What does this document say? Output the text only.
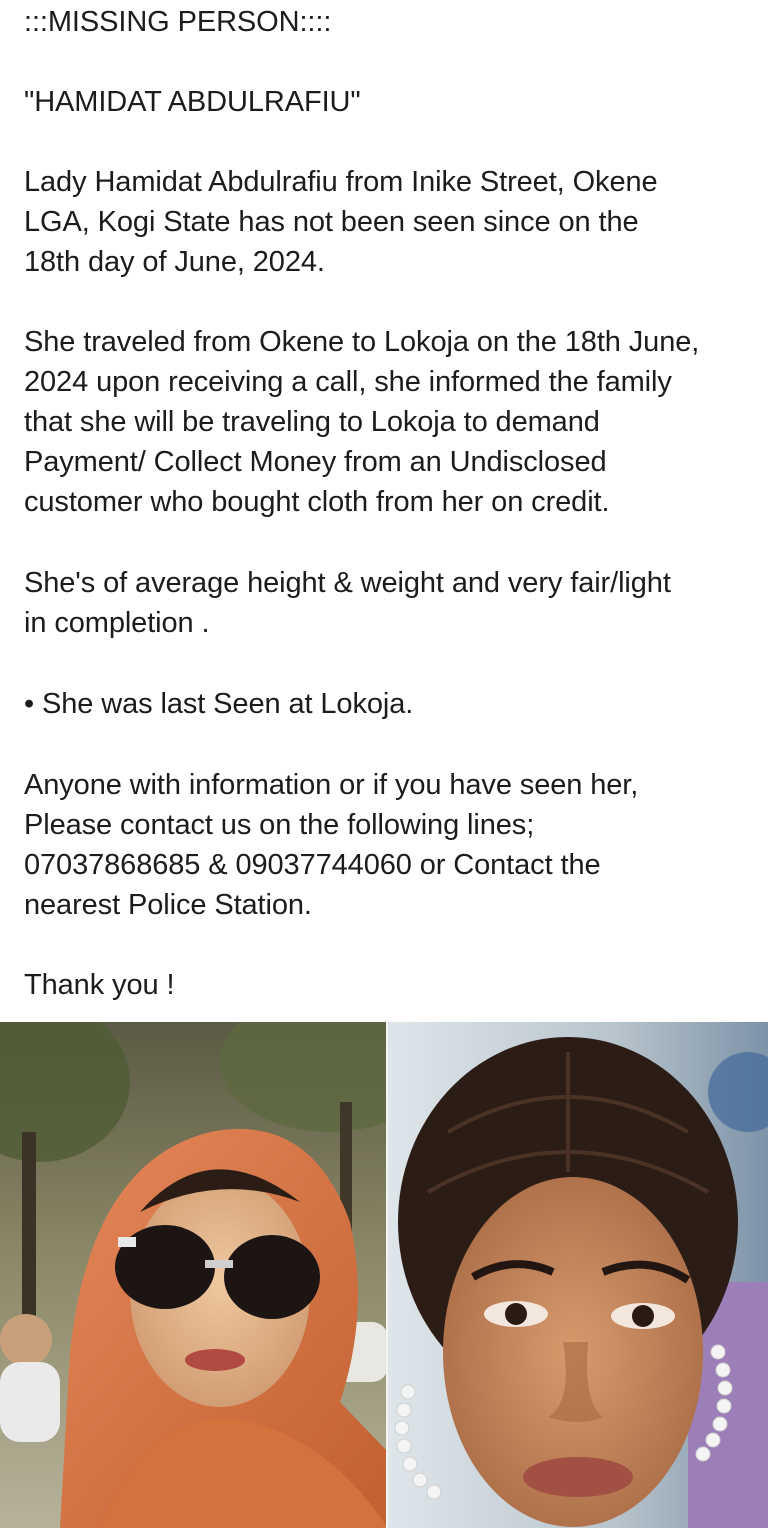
:::MISSING PERSON::::
"HAMIDAT ABDULRAFIU"
Lady Hamidat Abdulrafiu from Inike Street, Okene
LGA, Kogi State has not been seen since on the
18th day of June, 2024.
She traveled from Okene to Lokoja on the 18th June,
2024 upon receiving a call, she informed the family
that she will be traveling to Lokoja to demand
Payment/ Collect Money from an Undisclosed
customer who bought cloth from her on credit.
She's of average height & weight and very fair/light
in completion .
• She was last Seen at Lokoja.
Anyone with information or if you have seen her,
Please contact us on the following lines;
07037868685 & 09037744060 or Contact the
nearest Police Station.
Thank you !
